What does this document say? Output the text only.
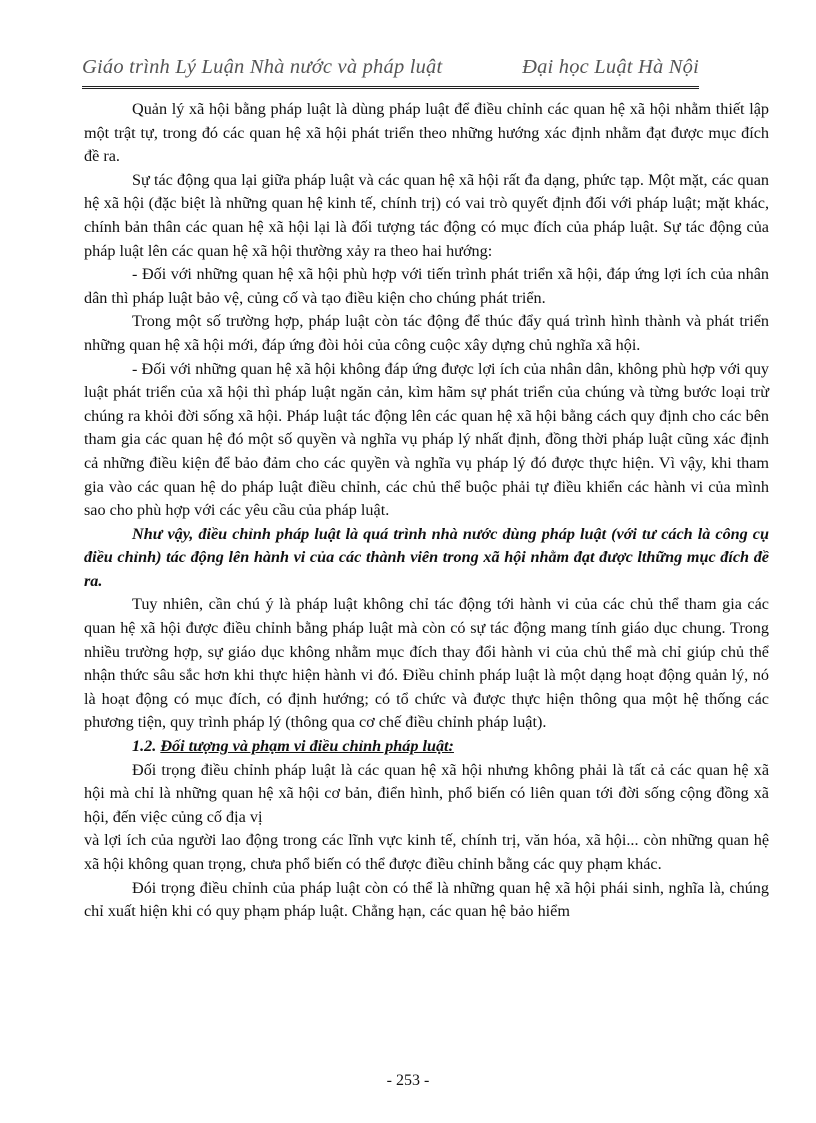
Giáo trình Lý Luận Nhà nước và pháp luật	Đại học Luật Hà Nội

Quản lý xã hội bằng pháp luật là dùng pháp luật để điều chỉnh các quan hệ xã hội nhằm thiết lập một trật tự, trong đó các quan hệ xã hội phát triển theo những hướng xác định nhằm đạt được mục đích đề ra.

Sự tác động qua lại giữa pháp luật và các quan hệ xã hội rất đa dạng, phức tạp. Một mặt, các quan hệ xã hội (đặc biệt là những quan hệ kinh tế, chính trị) có vai trò quyết định đối với pháp luật; mặt khác, chính bản thân các quan hệ xã hội lại là đối tượng tác động có mục đích của pháp luật. Sự tác động của pháp luật lên các quan hệ xã hội thường xảy ra theo hai hướng:

- Đối với những quan hệ xã hội phù hợp với tiến trình phát triển xã hội, đáp ứng lợi ích của nhân dân thì pháp luật bảo vệ, củng cố và tạo điều kiện cho chúng phát triển.

Trong một số trường hợp, pháp luật còn tác động để thúc đẩy quá trình hình thành và phát triển những quan hệ xã hội mới, đáp ứng đòi hỏi của công cuộc xây dựng chủ nghĩa xã hội.

- Đối với những quan hệ xã hội không đáp ứng được lợi ích của nhân dân, không phù hợp với quy luật phát triển của xã hội thì pháp luật ngăn cản, kìm hãm sự phát triển của chúng và từng bước loại trừ chúng ra khỏi đời sống xã hội. Pháp luật tác động lên các quan hệ xã hội bằng cách quy định cho các bên tham gia các quan hệ đó một số quyền và nghĩa vụ pháp lý nhất định, đồng thời pháp luật cũng xác định cả những điều kiện để bảo đảm cho các quyền và nghĩa vụ pháp lý đó được thực hiện. Vì vậy, khi tham gia vào các quan hệ do pháp luật điều chỉnh, các chủ thể buộc phải tự điều khiển các hành vi của mình sao cho phù hợp với các yêu cầu của pháp luật.

Như vậy, điều chỉnh pháp luật là quá trình nhà nước dùng pháp luật (với tư cách là công cụ điều chỉnh) tác động lên hành vi của các thành viên trong xã hội nhằm đạt được lthững mục đích đề ra.

Tuy nhiên, cần chú ý là pháp luật không chỉ tác động tới hành vi của các chủ thể tham gia các quan hệ xã hội được điều chỉnh bằng pháp luật mà còn có sự tác động mang tính giáo dục chung. Trong nhiều trường hợp, sự giáo dục không nhằm mục đích thay đổi hành vi của chủ thể mà chỉ giúp chủ thể nhận thức sâu sắc hơn khi thực hiện hành vi đó. Điều chỉnh pháp luật là một dạng hoạt động quản lý, nó là hoạt động có mục đích, có định hướng; có tổ chức và được thực hiện thông qua một hệ thống các phương tiện, quy trình pháp lý (thông qua cơ chế điều chỉnh pháp luật).

1.2. Đối tượng và phạm vi điều chỉnh pháp luật:

Đối trọng điều chỉnh pháp luật là các quan hệ xã hội nhưng không phải là tất cả các quan hệ xã hội mà chỉ là những quan hệ xã hội cơ bản, điển hình, phổ biến có liên quan tới đời sống cộng đồng xã hội, đến việc củng cố địa vị

và lợi ích của người lao động trong các lĩnh vực kinh tế, chính trị, văn hóa, xã hội... còn những quan hệ xã hội không quan trọng, chưa phổ biến có thể được điều chỉnh bằng các quy phạm khác.

Đói trọng điều chỉnh của pháp luật còn có thể là những quan hệ xã hội phái sinh, nghĩa là, chúng chỉ xuất hiện khi có quy phạm pháp luật. Chẳng hạn, các quan hệ bảo hiểm

- 253 -
